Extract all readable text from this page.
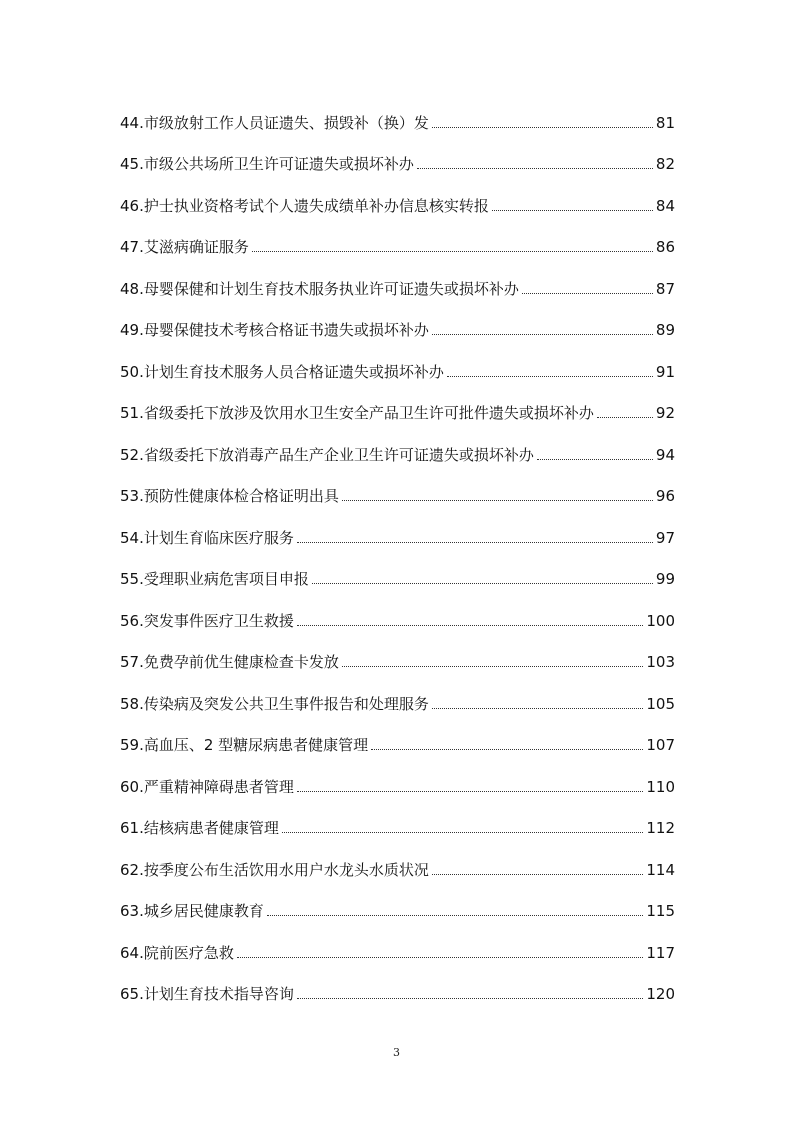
44.市级放射工作人员证遗失、损毁补（换）发	81
45.市级公共场所卫生许可证遗失或损坏补办	82
46.护士执业资格考试个人遗失成绩单补办信息核实转报	84
47.艾滋病确证服务	86
48.母婴保健和计划生育技术服务执业许可证遗失或损坏补办	87
49.母婴保健技术考核合格证书遗失或损坏补办	89
50.计划生育技术服务人员合格证遗失或损坏补办	91
51.省级委托下放涉及饮用水卫生安全产品卫生许可批件遗失或损坏补办	92
52.省级委托下放消毒产品生产企业卫生许可证遗失或损坏补办	94
53.预防性健康体检合格证明出具	96
54.计划生育临床医疗服务	97
55.受理职业病危害项目申报	99
56.突发事件医疗卫生救援	100
57.免费孕前优生健康检查卡发放	103
58.传染病及突发公共卫生事件报告和处理服务	105
59.高血压、2 型糖尿病患者健康管理	107
60.严重精神障碍患者管理	110
61.结核病患者健康管理	112
62.按季度公布生活饮用水用户水龙头水质状况	114
63.城乡居民健康教育	115
64.院前医疗急救	117
65.计划生育技术指导咨询	120
3
